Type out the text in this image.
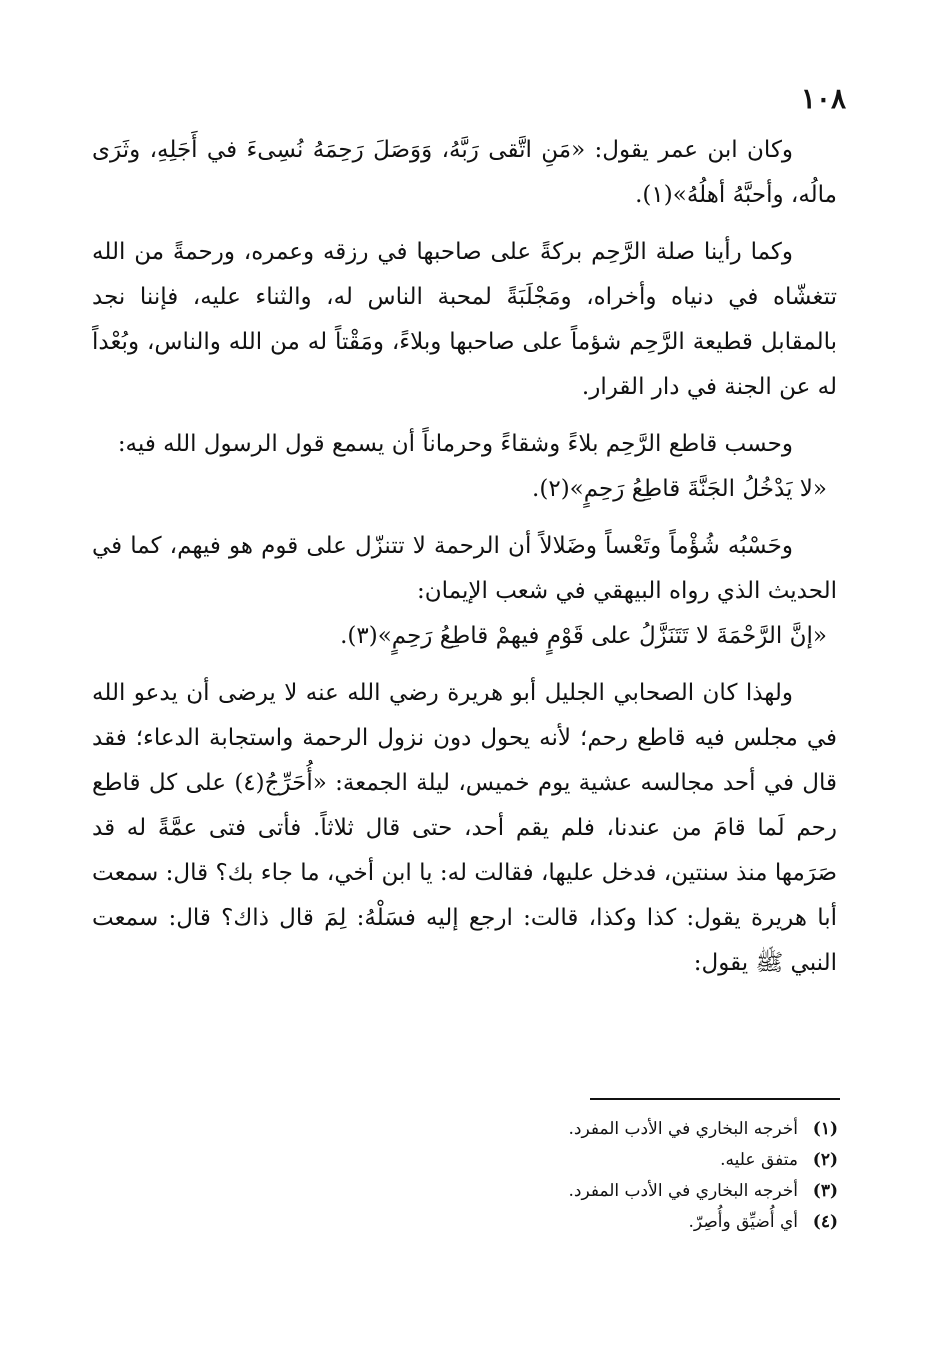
١٠٨

وكان ابن عمر يقول: «مَنِ اتَّقى رَبَّهُ، وَوَصَلَ رَحِمَهُ نُسِىءَ في أَجَلِهِ، وثَرَى مالُه، وأحبَّهُ أهلُهُ»(١).

وكما رأينا صلة الرَّحِم بركةً على صاحبها في رزقه وعمره، ورحمةً من الله تتغشّاه في دنياه وأخراه، ومَجْلَبَةً لمحبة الناس له، والثناء عليه، فإننا نجد بالمقابل قطيعة الرَّحِم شؤماً على صاحبها وبلاءً، ومَقْتاً له من الله والناس، وبُعْداً له عن الجنة في دار القرار.

وحسب قاطع الرَّحِم بلاءً وشقاءً وحرماناً أن يسمع قول الرسول الله فيه:

«لا يَدْخُلُ الجَنَّةَ قاطِعُ رَحِمٍ»(٢).

وحَسْبُه شُؤْماً وتَعْساً وضَلالاً أن الرحمة لا تتنزّل على قوم هو فيهم، كما في الحديث الذي رواه البيهقي في شعب الإيمان:

«إنَّ الرَّحْمَةَ لا تَتَنَزَّلُ على قَوْمٍ فيهمْ قاطِعُ رَحِمٍ»(٣).

ولهذا كان الصحابي الجليل أبو هريرة رضي الله عنه لا يرضى أن يدعو الله في مجلس فيه قاطع رحم؛ لأنه يحول دون نزول الرحمة واستجابة الدعاء؛ فقد قال في أحد مجالسه عشية يوم خميس، ليلة الجمعة: «أُحَرِّجُ(٤) على كل قاطع رحم لَما قامَ من عندنا، فلم يقم أحد، حتى قال ثلاثاً. فأتى فتى عمَّةً له قد صَرَمها منذ سنتين، فدخل عليها، فقالت له: يا ابن أخي، ما جاء بك؟ قال: سمعت أبا هريرة يقول: كذا وكذا، قالت: ارجع إليه فسَلْهُ: لِمَ قال ذاك؟ قال: سمعت النبي ﷺ يقول:

(١)
أخرجه البخاري في الأدب المفرد.
(٢)
متفق عليه.
(٣)
أخرجه البخاري في الأدب المفرد.
(٤)
أي أُضيِّق وأُصِرّ.
